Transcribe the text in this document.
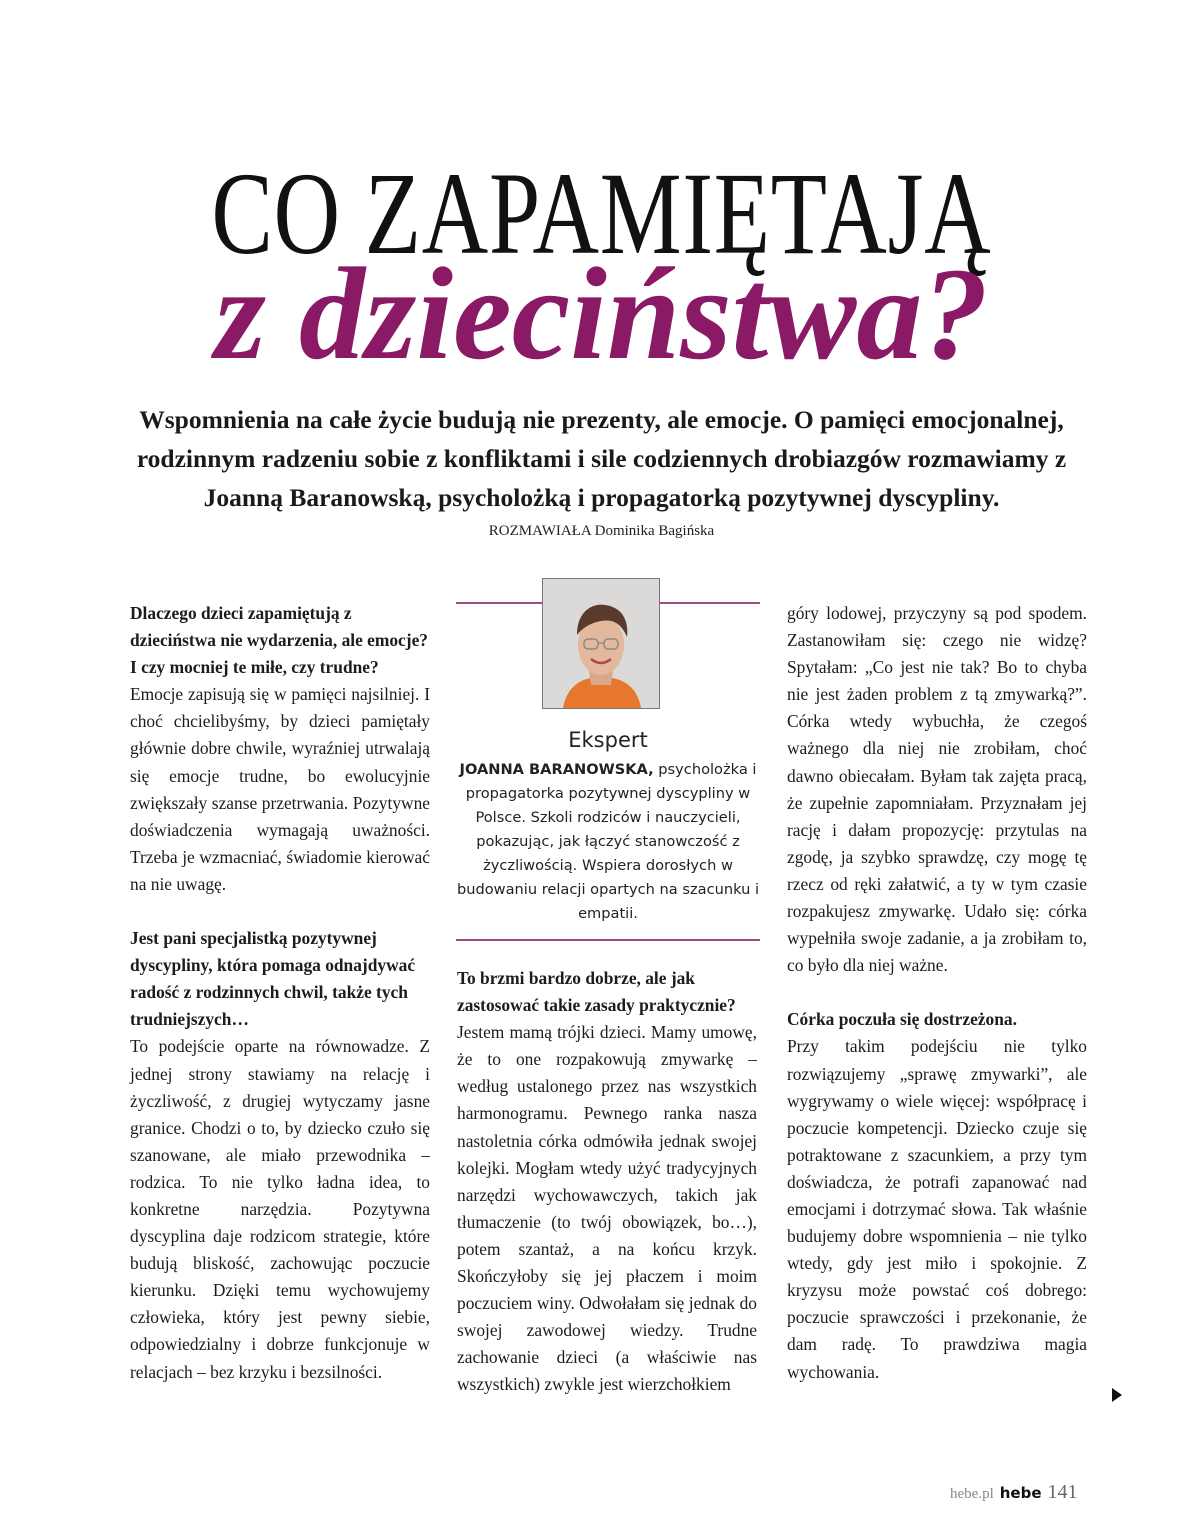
CO ZAPAMIĘTAJĄ
z dzieciństwa?

Wspomnienia na całe życie budują nie prezenty, ale emocje. O pamięci emocjonalnej, rodzinnym radzeniu sobie z konfliktami i sile codziennych drobiazgów rozmawiamy z Joanną Baranowską, psycholożką i propagatorką pozytywnej dyscypliny.

ROZMAWIAŁA Dominika Bagińska

Dlaczego dzieci zapamiętują z dzieciństwa nie wydarzenia, ale emocje? I czy mocniej te miłe, czy trudne?

Emocje zapisują się w pamięci najsilniej. I choć chcielibyśmy, by dzieci pamiętały głównie dobre chwile, wyraźniej utrwalają się emocje trudne, bo ewolucyjnie zwiększały szanse przetrwania. Pozytywne doświadczenia wymagają uważności. Trzeba je wzmacniać, świadomie kierować na nie uwagę.

Jest pani specjalistką pozytywnej dyscypliny, która pomaga odnajdywać radość z rodzinnych chwil, także tych trudniejszych…

To podejście oparte na równowadze. Z jednej strony stawiamy na relację i życzliwość, z drugiej wytyczamy jasne granice. Chodzi o to, by dziecko czuło się szanowane, ale miało przewodnika – rodzica. To nie tylko ładna idea, to konkretne narzędzia. Pozytywna dyscyplina daje rodzicom strategie, które budują bliskość, zachowując poczucie kierunku. Dzięki temu wychowujemy człowieka, który jest pewny siebie, odpowiedzialny i dobrze funkcjonuje w relacjach – bez krzyku i bezsilności.

Ekspert

JOANNA BARANOWSKA, psycholożka i propagatorka pozytywnej dyscypliny w Polsce. Szkoli rodziców i nauczycieli, pokazując, jak łączyć stanowczość z życzliwością. Wspiera dorosłych w budowaniu relacji opartych na szacunku i empatii.

To brzmi bardzo dobrze, ale jak zastosować takie zasady praktycznie?

Jestem mamą trójki dzieci. Mamy umowę, że to one rozpakowują zmywarkę – według ustalonego przez nas wszystkich harmonogramu. Pewnego ranka nasza nastoletnia córka odmówiła jednak swojej kolejki. Mogłam wtedy użyć tradycyjnych narzędzi wychowawczych, takich jak tłumaczenie (to twój obowiązek, bo…), potem szantaż, a na końcu krzyk. Skończyłoby się jej płaczem i moim poczuciem winy. Odwołałam się jednak do swojej zawodowej wiedzy. Trudne zachowanie dzieci (a właściwie nas wszystkich) zwykle jest wierzchołkiem

góry lodowej, przyczyny są pod spodem. Zastanowiłam się: czego nie widzę? Spytałam: „Co jest nie tak? Bo to chyba nie jest żaden problem z tą zmywarką?”. Córka wtedy wybuchła, że czegoś ważnego dla niej nie zrobiłam, choć dawno obiecałam. Byłam tak zajęta pracą, że zupełnie zapomniałam. Przyznałam jej rację i dałam propozycję: przytulas na zgodę, ja szybko sprawdzę, czy mogę tę rzecz od ręki załatwić, a ty w tym czasie rozpakujesz zmywarkę. Udało się: córka wypełniła swoje zadanie, a ja zrobiłam to, co było dla niej ważne.

Córka poczuła się dostrzeżona.

Przy takim podejściu nie tylko rozwiązujemy „sprawę zmywarki”, ale wygrywamy o wiele więcej: współpracę i poczucie kompetencji. Dziecko czuje się potraktowane z szacunkiem, a przy tym doświadcza, że potrafi zapanować nad emocjami i dotrzymać słowa. Tak właśnie budujemy dobre wspomnienia – nie tylko wtedy, gdy jest miło i spokojnie. Z kryzysu może powstać coś dobrego: poczucie sprawczości i przekonanie, że dam radę. To prawdziwa magia wychowania.

hebe.pl hebe 141
